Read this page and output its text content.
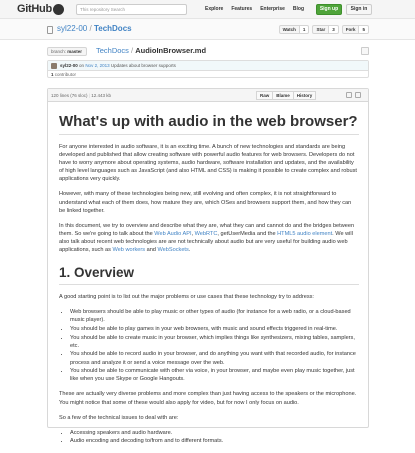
GitHub	This repository Search	Explore Features Enterprise Blog	Sign up	Sign in
syl22-00 / TechDocs	Watch	1	Star	3	Fork	5
branch: master	TechDocs / AudioInBrowser.md
syl22-00 on Nov 2, 2013 Updates about browser supports
1 contributor
120 lines (76 sloc) | 12.443 kb	Raw	Blame	History
What's up with audio in the web browser?

For anyone interested in audio software, it is an exciting time. A bunch of new technologies and standards are being developed and published that allow creating software with powerful audio features for web browsers. Developers do not have to worry anymore about operating systems, audio hardware, software installation and updates, and the availability of high level languages such as JavaScript (and also HTML and CSS) is making it possible to create complex and robust applications very quickly.

However, with many of these technologies being new, still evolving and often complex, it is not straightforward to understand what each of them does, how mature they are, which OSes and browsers support them, and how they can be linked together.

In this document, we try to overview and describe what they are, what they can and cannot do and the bridges between them. So we're going to talk about the Web Audio API, WebRTC, getUserMedia and the HTML5 audio element. We will also talk about recent web technologies are are not technically about audio but are very useful for building audio web applications, such as Web workers and WebSockets.

1. Overview

A good starting point is to list out the major problems or use cases that these technology try to address:

• Web browsers should be able to play music or other types of audio (for instance for a web radio, or a cloud-based music player).
• You should be able to play games in your web browsers, with music and sound effects triggered in real-time.
• You should be able to create music in your browser, which implies things like synthesizers, mixing tables, samplers, etc.
• You should be able to record audio in your browser, and do anything you want with that recorded audio, for instance process and analyze it or send a voice message over the web.
• You should be able to communicate with other via voice, in your browser, and maybe even play music together, just like when you use Skype or Google Hangouts.

These are actually very diverse problems and more complex than just having access to the speakers or the microphone. You might notice that some of these would also apply for video, but for now I only focus on audio.

So a few of the technical issues to deal with are:

• Accessing speakers and audio hardware.
• Audio encoding and decoding to/from and to different formats.
